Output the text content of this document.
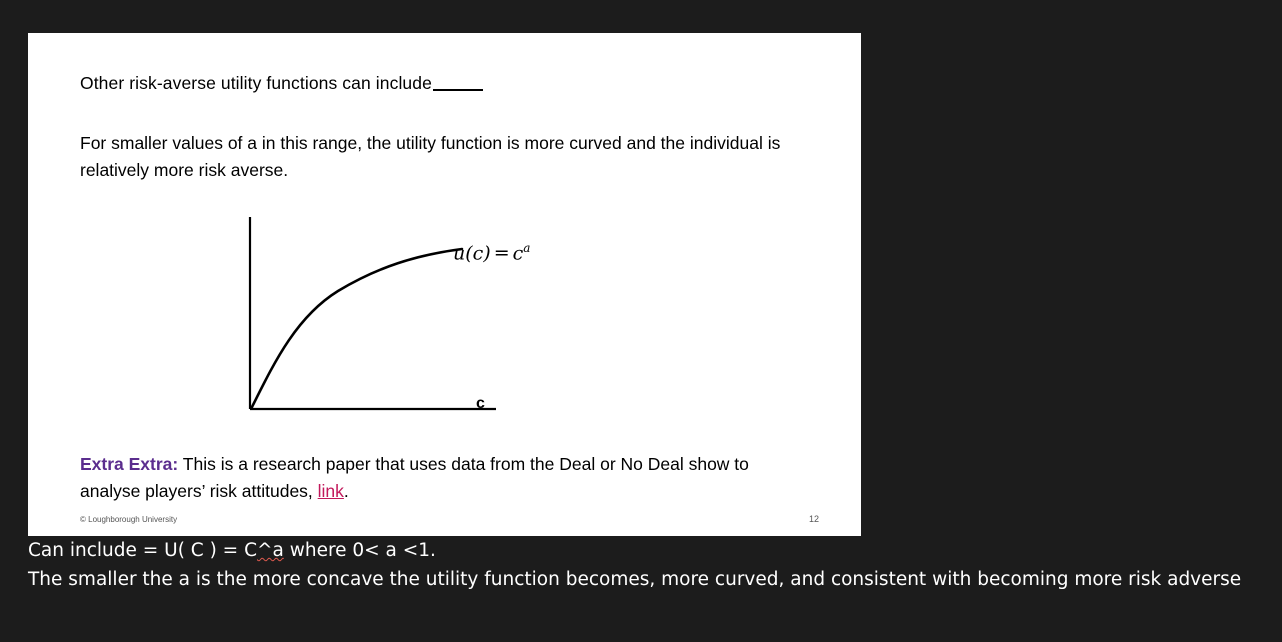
Other risk-averse utility functions can include
For smaller values of a in this range, the utility function is more curved and the individual is relatively more risk averse.
$u(c) = c^a$
c
Extra Extra: This is a research paper that uses data from the Deal or No Deal show to analyse players’ risk attitudes, link.
© Loughborough University	12
Can include = U( C ) = C^a where 0< a <1.
The smaller the a is the more concave the utility function becomes, more curved, and consistent with becoming more risk adverse
